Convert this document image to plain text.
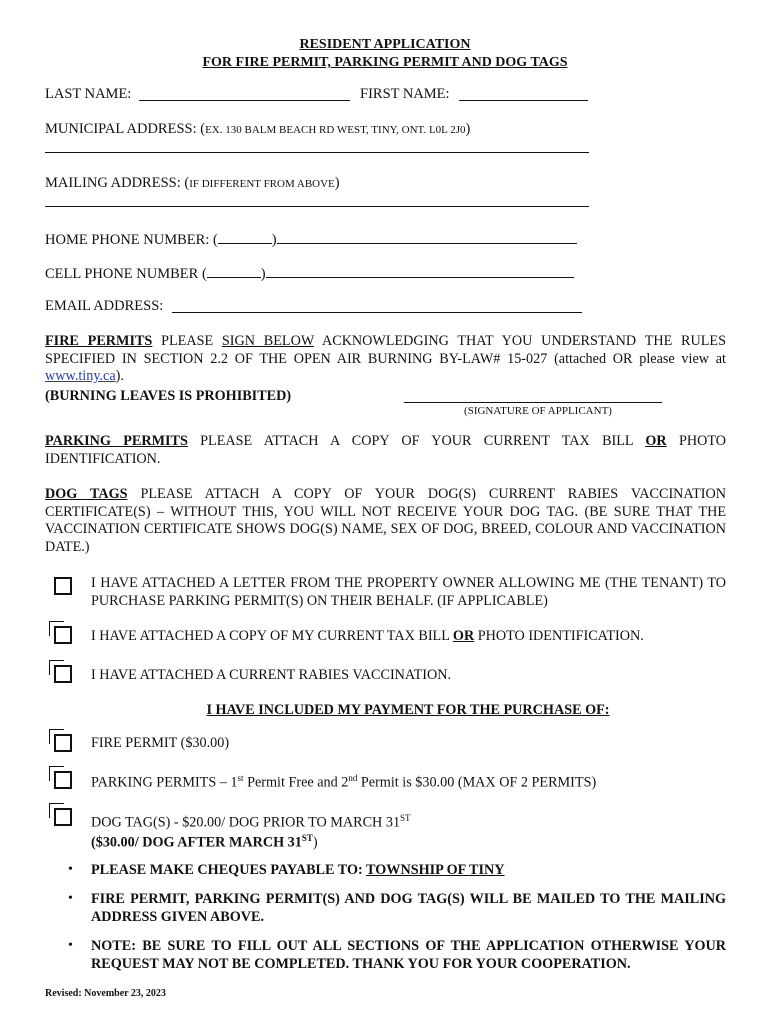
RESIDENT APPLICATION
FOR FIRE PERMIT, PARKING PERMIT AND DOG TAGS
LAST NAME:	FIRST NAME:
MUNICIPAL ADDRESS: (EX. 130 BALM BEACH RD WEST, TINY, ONT. L0L 2J0)
MAILING ADDRESS: (IF DIFFERENT FROM ABOVE)
HOME PHONE NUMBER: (	)
CELL PHONE NUMBER (	)
EMAIL ADDRESS:
FIRE PERMITS PLEASE SIGN BELOW ACKNOWLEDGING THAT YOU UNDERSTAND THE RULES SPECIFIED IN SECTION 2.2 OF THE OPEN AIR BURNING BY-LAW# 15-027 (attached OR please view at www.tiny.ca).
(BURNING LEAVES IS PROHIBITED)
(SIGNATURE OF APPLICANT)
PARKING PERMITS PLEASE ATTACH A COPY OF YOUR CURRENT TAX BILL OR PHOTO IDENTIFICATION.
DOG TAGS PLEASE ATTACH A COPY OF YOUR DOG(S) CURRENT RABIES VACCINATION CERTIFICATE(S) – WITHOUT THIS, YOU WILL NOT RECEIVE YOUR DOG TAG. (BE SURE THAT THE VACCINATION CERTIFICATE SHOWS DOG(S) NAME, SEX OF DOG, BREED, COLOUR AND VACCINATION DATE.)
I HAVE ATTACHED A LETTER FROM THE PROPERTY OWNER ALLOWING ME (THE TENANT) TO PURCHASE PARKING PERMIT(S) ON THEIR BEHALF. (IF APPLICABLE)
I HAVE ATTACHED A COPY OF MY CURRENT TAX BILL OR PHOTO IDENTIFICATION.
I HAVE ATTACHED A CURRENT RABIES VACCINATION.
I HAVE INCLUDED MY PAYMENT FOR THE PURCHASE OF:
FIRE PERMIT ($30.00)
PARKING PERMITS – 1st Permit Free and 2nd Permit is $30.00 (MAX OF 2 PERMITS)
DOG TAG(S) - $20.00/ DOG PRIOR TO MARCH 31ST
($30.00/ DOG AFTER MARCH 31ST)
• PLEASE MAKE CHEQUES PAYABLE TO: TOWNSHIP OF TINY
• FIRE PERMIT, PARKING PERMIT(S) AND DOG TAG(S) WILL BE MAILED TO THE MAILING ADDRESS GIVEN ABOVE.
• NOTE: BE SURE TO FILL OUT ALL SECTIONS OF THE APPLICATION OTHERWISE YOUR REQUEST MAY NOT BE COMPLETED. THANK YOU FOR YOUR COOPERATION.
Revised: November 23, 2023
